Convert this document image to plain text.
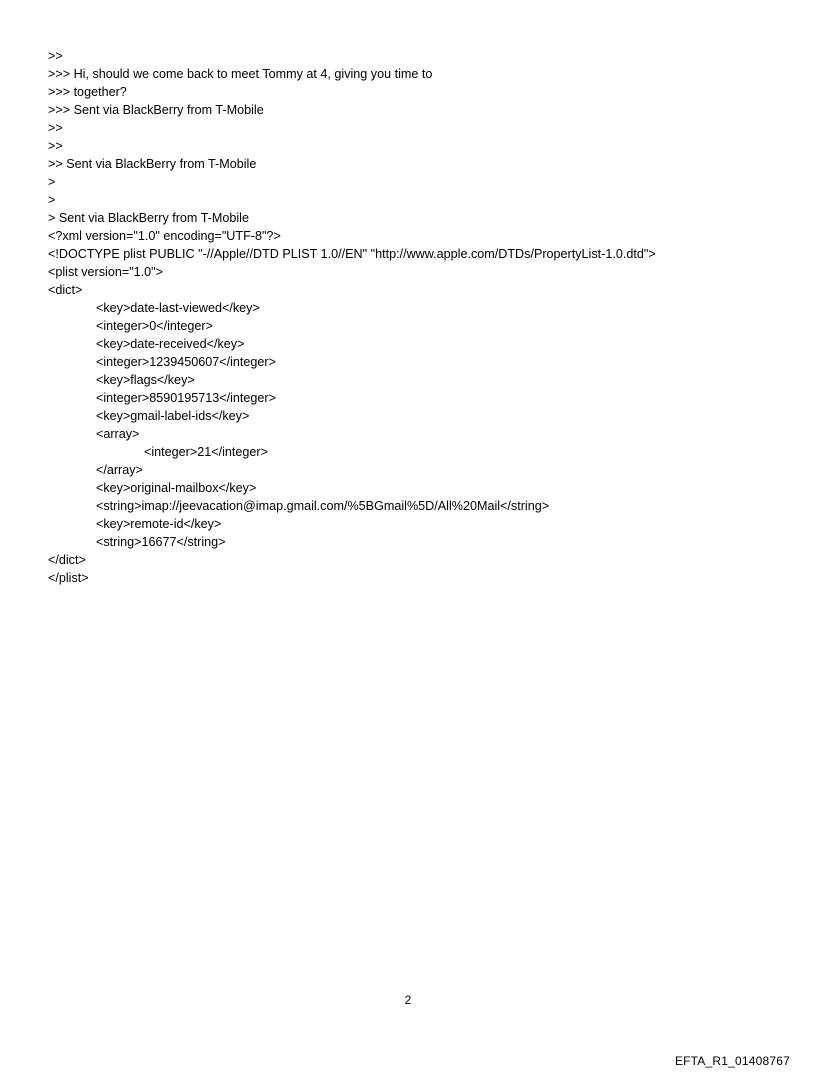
>>
>>> Hi, should we come back to meet Tommy at 4, giving you time to
>>> together?
>>> Sent via BlackBerry from T-Mobile
>>
>>
>> Sent via BlackBerry from T-Mobile
>
>
> Sent via BlackBerry from T-Mobile
<?xml version="1.0" encoding="UTF-8"?>
<!DOCTYPE plist PUBLIC "-//Apple//DTD PLIST 1.0//EN" "http://www.apple.com/DTDs/PropertyList-1.0.dtd">
<plist version="1.0">
<dict>
<key>date-last-viewed</key>
<integer>0</integer>
<key>date-received</key>
<integer>1239450607</integer>
<key>flags</key>
<integer>8590195713</integer>
<key>gmail-label-ids</key>
<array>
<integer>21</integer>
</array>
<key>original-mailbox</key>
<string>imap://jeevacation@imap.gmail.com/%5BGmail%5D/All%20Mail</string>
<key>remote-id</key>
<string>16677</string>
</dict>
</plist>
2
EFTA_R1_01408767
